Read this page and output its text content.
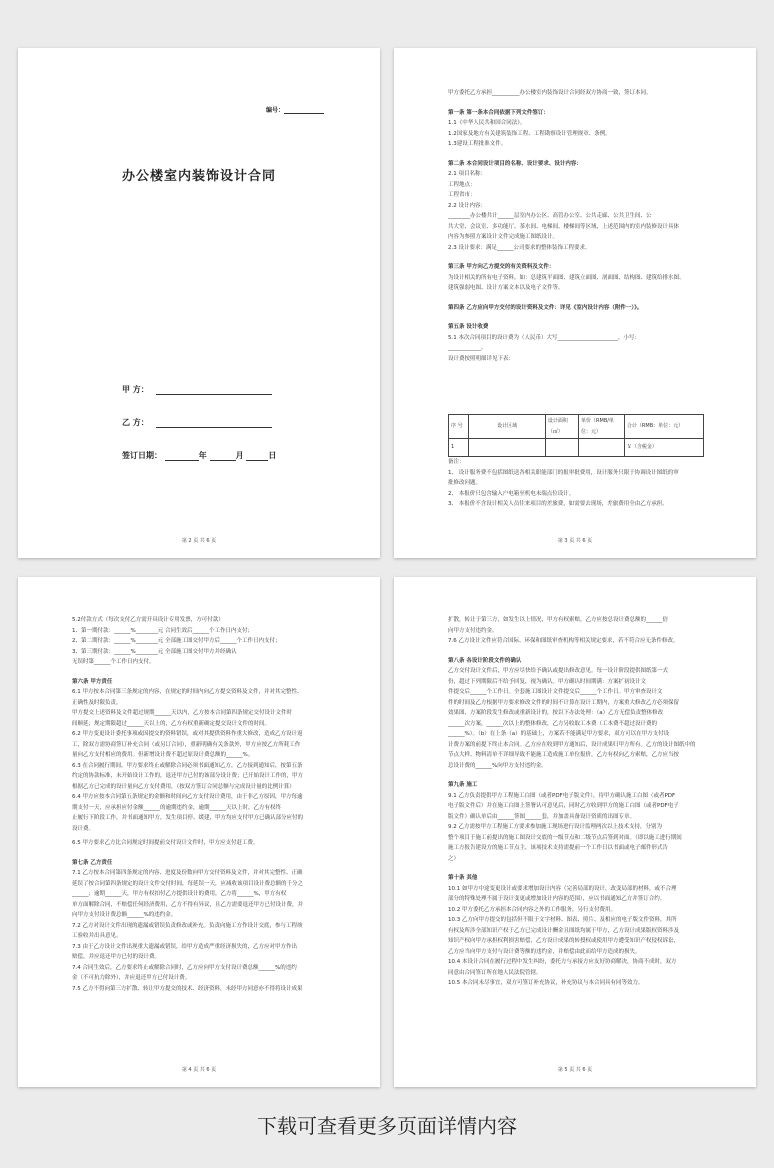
编号：
办公楼室内装饰设计合同
甲 方：
乙 方：
签订日期：	年	月	日
第 2 页 共 6 页
甲方委托乙方承担__________办公楼室内装饰设计合同经双方协商一致，签订本同。
第一条 第一条本合同依据下列文件签订：
1.1《中华人民共和国合同法》。
1.2国家及地方有关建筑装饰工程、工程勘察设计管理规章、条例。
1.3建设工程批准文件。
第二条 本合同设计项目的名称、设计要求、设计内容：
2.1 项目名称：
工程地点：
工程省市：
2.2 设计内容：
________办公楼共计______层室内办公区、高管办公室、公共走廊、公共卫生间、公
共大堂、会议室、多功能厅、茶水间、电梯间、楼梯间等区域，上述范围内的室内装修设计具体
内容为参照方案设计文件完成施工图纸设计。
2.3 设计要求：满足______公司要求的整体装饰工程要求。
第三条 甲方向乙方提交的有关资料及文件：
为设计相关的所有电子资料，如：总建筑平面图、建筑立面图、剖面图、结构图、建筑给排水图、
建筑强弱电图、设计方案文本以及电子文件等。
第四条 乙方应向甲方交付的设计资料及文件：详见《室内设计内容（附件一）》。
第五条 设计收费
5.1 本次合同项目的设计费为（人民币）大写______________________，小写：
____________。
设计费按照明细详见下表：
序 号	设计区域	设计面积（㎡）	单价（RMB/单位：元）	合计（RMB：单位：元）
1				￥（含税金）
备注：
1、 设计服务费不包括图纸送各相关职能部门的报审批费用，设计服务只限于协调设计图纸的审
批修改问题。
2、 本报价只包含输入户电箱至机电末端点位设计。
3、 本报价不含设计相关人员往来项目的差旅费，如需要去现场，差旅费用全由乙方承担。
第 3 页 共 6 页
5.2付款方式（每次支付乙方需开具设计专用发票，方可付款）
1、第一期付款：______%________元 合同生效后______个工作日内支付；
2、第二期付款：______%________元 全部施工图交付甲方后______个工作日内支付；
3、第三期付款：______%________元 全部施工图交付甲方并经确认
无误时第______个工作日内支付。
第六条 甲方责任
6.1 甲方按本合同第三条规定的内容，在规定的时间内向乙方提交资料及文件，并对其完整性、
正确性及时限负责。
甲方提交上述资料及文件超过规期______天以内，乙方按本合同第四条规定交付设计文件时
间顺延；规定期限超过______天以上的，乙方有权重新确定提交设计文件的时间。
6.2 甲方变更设计委托事项或因提交的资料错误，或对其提供资料作重大修改，造成乙方设计返
工，除双方需协商签订补充合同（或另订合同），重新明确有关条款外，甲方应按乙方所耗工作
量向乙方支付相应的费用。但新增设计费不超过原设计费总额的______%。
6.3 在合同履行期间，甲方要求终止或解除合同必须书面通知乙方，乙方接到通知后，按第五条
约定的协款标准，未开始设计工作的，退还甲方已付的该部分设计费；已开始设计工作的，甲方
根据乙方已完成的设计量向乙方支付费用，（按双方签订合同总额与完成设计量的比例计算）
6.4 甲方应按本合同第五条规定的金额和时间向乙方支付设计费用，由于非乙方原因，甲方每逾
期支付一天，应承担应付金额______的逾期违约金，逾期______天以上时，乙方有权终
止履行下阶段工作，并书面通知甲方，发生项目停、缓建，甲方均应支付甲方已确认部分应付的
设计费。
6.5 甲方要求乙方比合同规定时间提前交付设计文件时，甲方应支付赶工费。
第七条 乙方责任
7.1 乙方按本合同第四条规定的内容、进度及份数向甲方交付资料及文件，并对其完整性、正确
延误了按合同第四条规定的设计文件交付时间，每延误一天，应减收该项目设计费总额的千分之
______；逾期______天，甲方有权扣付乙方提供设计的费用，乙方将______%，甲方有权
单方面解除合同，不赔偿任何经济费用，乙方不得有异议，且乙方需要退还甲方已付设计费，并
向甲方支付设计费总额______%的违约金。
7.2 乙方对设计文件出现的遗漏或错误负责修改或补充。负责向施工方作设计交底，参与工程竣
工验收并出具意见。
7.3 由于乙方设计文件出现重大遗漏或错误，给甲方造成严重经济损失的，乙方应对甲方作出
赔偿，并应退还甲方已付的设计费。
7.4 合同生效后，乙方要求终止或解除合同时，乙方应向甲方支付设计费总额______%的违约
金（不可抗力除外），并应退还甲方已付设计费。
7.5 乙方不得向第三方扩散、转让甲方提交的技术、经济资料，未经甲方同意亦不得将设计成果
第 4 页 共 6 页
扩散，转让于第三方，如发生以上情况，甲方有权索赔，乙方应按总设计费总额的______倍
向甲方支付违约金。
7.6 乙方设计文件应符合国际、环保和图纸审查机构等相关规定要求，若不符合应无条件修改。
第八条 各设计阶段文件的确认
乙方交付设计文件后，甲方应尽快给予确认或提出修改意见。每一设计阶段提供图纸第一式
份，超过下列期限后不给予回复，视为确认。甲方确认时间期满：方案扩初设计文
件提交后______个工作日。全套施工图设计文件提交后______个工作日。甲方审查设计文
件的时间及乙方根据甲方要求修改文件的时间不计算在设计工期内，方案重大修改乙方必须保留
效果图、方案阶段发生修改或重新设计的，按以下办法处理：（a）乙方无偿负责整体修改
______次方案，______次以上的整体修改，乙方另收取工本费（工本费不超过设计费的
______%）。（b）在上条（a）的基础上，方案若不能满足甲方要求，双方可以在甲方支付设
计费方案的前提下终止本合同。乙方应在收到甲方通知后，设计成果归甲方所有。乙方的设计图纸中的
节点大样、物料清单不详细导致不能施工造成施工单位报价，乙方有权向乙方索赔，乙方应当按
总设计费的______%向甲方支付违约金。
第九条 施工
9.1 乙方负责提供甲方工程施工白图（或者PDF电子版文件），待甲方确认施工白图（或者PDF
电子版文件后）并在施工白图上签署认可意见后，同时乙方收到甲方的施工白图（或者PDF电子
版文件）确认单后由______签图______套，并加盖具备设计资质的出图专章。
9.2 乙方需按甲方工程施工方要求参加施工现场进行设计监理两次以上技术支持，分别为
整个项目于施工前提出的施工图设计交底的一级节点和二级节点后签到对面。（即以施工进行期间
施工方报告建设方的施工节点主，该项技术支持需提前一个工作日以书面或电子邮件形式告
之）
第十条 其他
10.1 如甲方中途变更设计或要求增加设计内容（完善局部的设计，改变局部的材料，或不合理
部分的特殊处理不属于设计变更或增加设计内容的范围），应以书面通知乙方并签订合约。
10.2 甲方委托乙方承担本合同内容之外的工作服务，另行支付费用。
10.3 乙方向甲方提交的包括但不限于文字材料、图表、照片、及相应的电子版文件资料，其所
有权及所涉全部知识产权于乙方已完成设计酬金且图纸均属于甲方，乙方设计成果版权资料涉及
知识产权向甲方承担权利损害赔偿，乙方设计成果的转授权或使用甲方遭受知识产权侵权诉讼，
乙方应当向甲方支付与设计费等额的违约金，并赔偿由此而给甲方造成的损失。
10.4 本设计合同在履行过程中发生纠纷，委托方与承接方应友好协商解决，协商不成时，双方
同意由合同签订所在地人民法院管辖。
10.5 本合同未尽事宜，双方可签订补充协议，补充协议与本合同具有同等效力。
第 5 页 共 6 页
下载可查看更多页面详情内容
